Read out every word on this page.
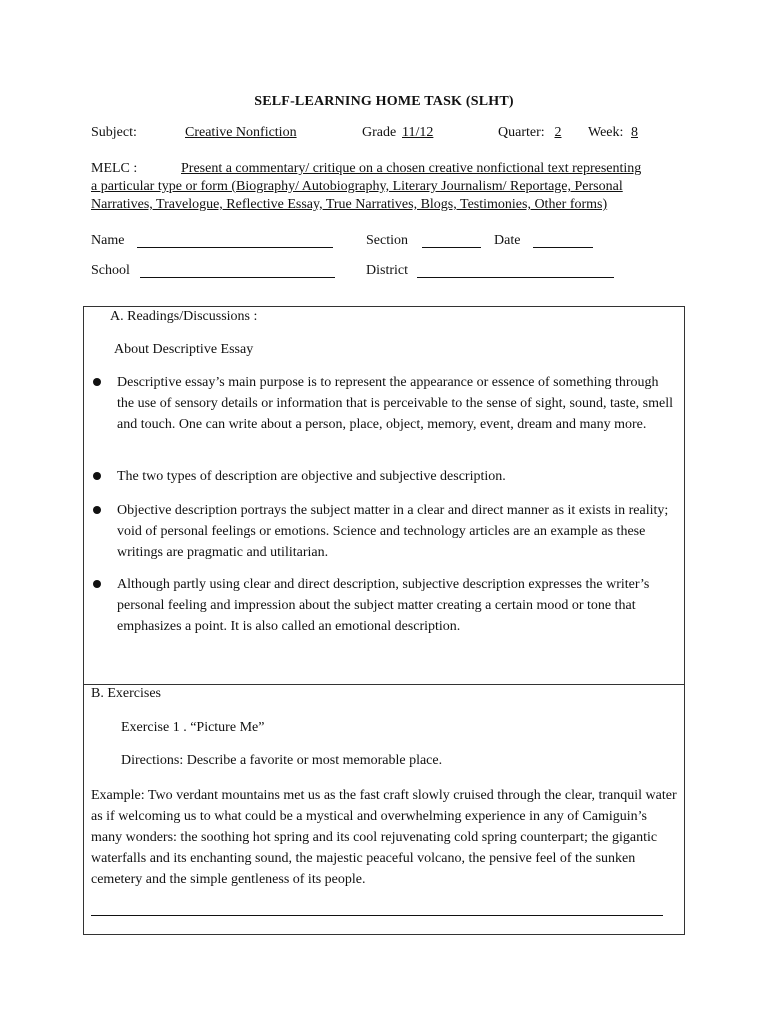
SELF-LEARNING HOME TASK (SLHT)
Subject:	Creative Nonfiction	Grade 11/12	Quarter: 2 Week: 8
MELC :	Present a commentary/ critique on a chosen creative nonfictional text representing
a particular type or form (Biography/ Autobiography, Literary Journalism/ Reportage, Personal
Narratives, Travelogue, Reflective Essay, True Narratives, Blogs, Testimonies, Other forms)
Name	Section	Date
School	District
A. Readings/Discussions :
About Descriptive Essay
Descriptive essay’s main purpose is to represent the appearance or essence of something through the use of sensory details or information that is perceivable to the sense of sight, sound, taste, smell and touch. One can write about a person, place, object, memory, event, dream and many more.
The two types of description are objective and subjective description.
Objective description portrays the subject matter in a clear and direct manner as it exists in reality; void of personal feelings or emotions. Science and technology articles are an example as these writings are pragmatic and utilitarian.
Although partly using clear and direct description, subjective description expresses the writer’s personal feeling and impression about the subject matter creating a certain mood or tone that emphasizes a point. It is also called an emotional description.
B. Exercises
Exercise 1 . “Picture Me”
Directions: Describe a favorite or most memorable place.
Example: Two verdant mountains met us as the fast craft slowly cruised through the clear, tranquil water as if welcoming us to what could be a mystical and overwhelming experience in any of Camiguin’s many wonders: the soothing hot spring and its cool rejuvenating cold spring counterpart; the gigantic waterfalls and its enchanting sound, the majestic peaceful volcano, the pensive feel of the sunken cemetery and the simple gentleness of its people.
